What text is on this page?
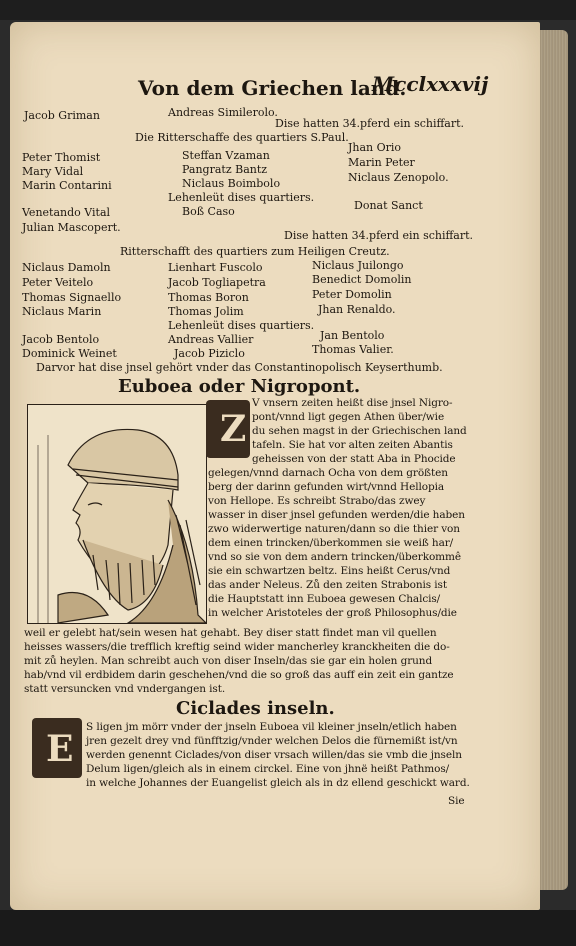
Von dem Griechen land.
Mcclxxxvij
Jacob Griman	Andreas Similerolo.
Dise hatten 34.pferd ein schiffart.
Die Ritterschaffe des quartiers S.Paul.
Peter Thomist
Mary Vidal
Marin Contarini
Venetando Vital
Julian Mascopert.
Steffan Vzaman
Pangratz Bantz
Niclaus Boimbolo
Lehenleüt dises quartiers.
Boß Caso
Jhan Orio
Marin Peter
Niclaus Zenopolo.
Donat Sanct
Dise hatten 34.pferd ein schiffart.
Ritterschafft des quartiers zum Heiligen Creutz.
Niclaus Damoln
Peter Veitelo
Thomas Signaello
Niclaus Marin
Jacob Bentolo
Dominick Weinet
Lienhart Fuscolo
Jacob Togliapetra
Thomas Boron
Thomas Jolim
Lehenleüt dises quartiers.
Andreas Vallier
Jacob Piziclo
Niclaus Juilongo
Benedict Domolin
Peter Domolin
Jhan Renaldo.
Jan Bentolo
Thomas Valier.
Darvor hat dise jnsel gehört vnder das Constantinopolisch Keyserthumb.
Euboea oder Nigropont.
Z
V vnsern zeiten heißt dise jnsel Nigro-
pont/vnnd ligt gegen Athen über/wie
du sehen magst in der Griechischen land
tafeln. Sie hat vor alten zeiten Abantis
geheissen von der statt Aba in Phocide
gelegen/vnnd darnach Ocha von dem größten
berg der darinn gefunden wirt/vnnd Hellopia
von Hellope. Es schreibt Strabo/das zwey
wasser in diser jnsel gefunden werden/die haben
zwo widerwertige naturen/dann so die thier von
dem einen trincken/überkommen sie weiß har/
vnd so sie von dem andern trincken/überkommê
sie ein schwartzen beltz. Eins heißt Cerus/vnd
das ander Neleus. Zů den zeiten Strabonis ist
die Hauptstatt inn Euboea gewesen Chalcis/
in welcher Aristoteles der groß Philosophus/die
weil er gelebt hat/sein wesen hat gehabt. Bey diser statt findet man vil quellen
heisses wassers/die trefflich kreftig seind wider mancherley kranckheiten die do-
mit zů heylen. Man schreibt auch von diser Inseln/das sie gar ein holen grund
hab/vnd vil erdbidem darin geschehen/vnd die so groß das auff ein zeit ein gantze
statt versuncken vnd vndergangen ist.
Ciclades inseln.
E
S ligen jm mörr vnder der jnseln Euboea vil kleiner jnseln/etlich haben
jren gezelt drey vnd fünfftzig/vnder welchen Delos die fürnemißt ist/vn
werden genennt Ciclades/von diser vrsach willen/das sie vmb die jnseln
Delum ligen/gleich als in einem circkel. Eine von jhnë heißt Pathmos/
in welche Johannes der Euangelist gleich als in dz ellend geschickt ward.
Sie
